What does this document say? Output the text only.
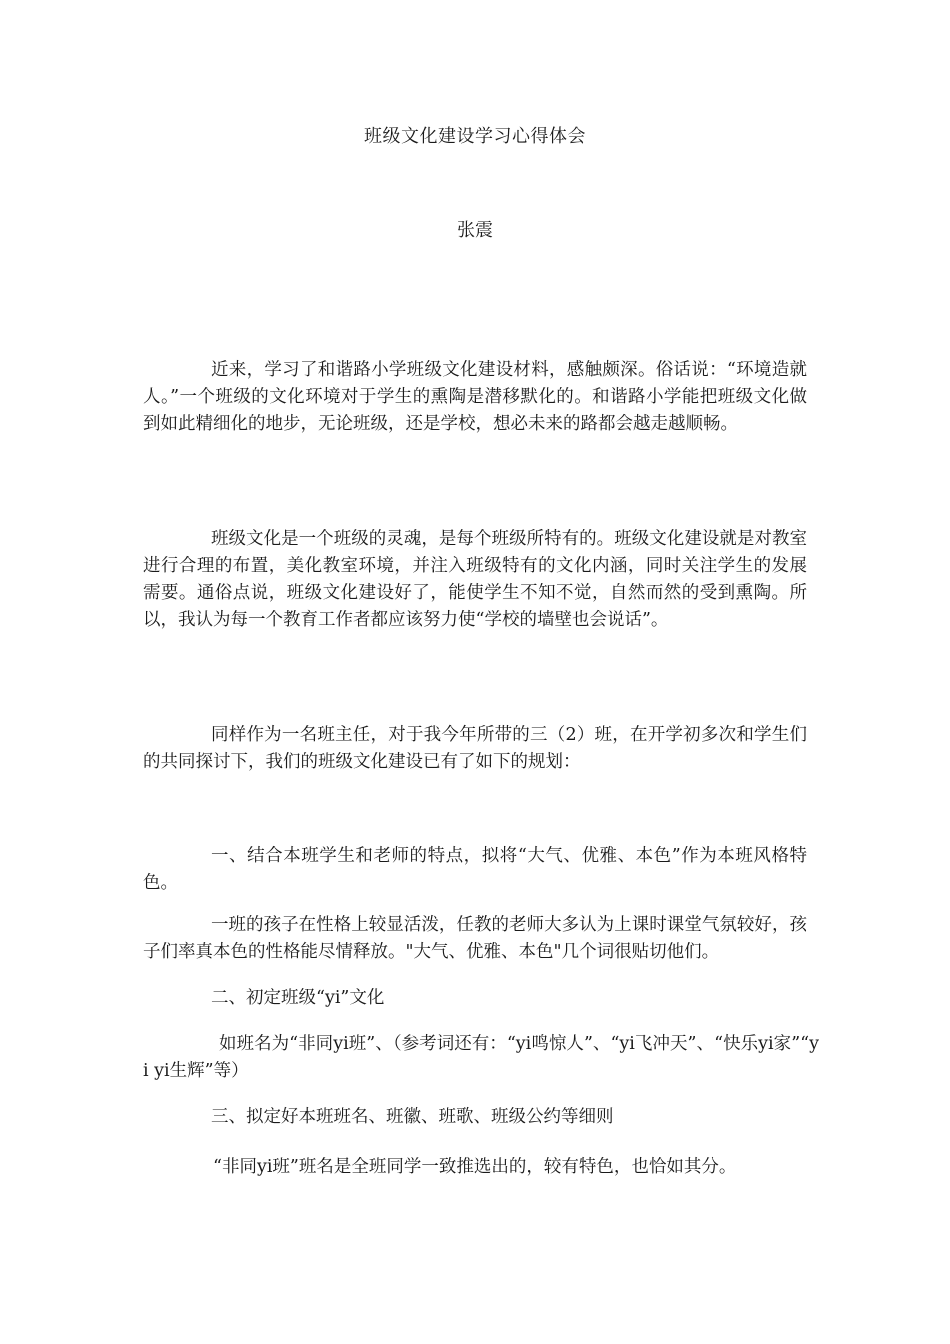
班级文化建设学习心得体会
张震

近来，学习了和谐路小学班级文化建设材料，感触颇深。俗话说：“环境造就人。”一个班级的文化环境对于学生的熏陶是潜移默化的。和谐路小学能把班级文化做到如此精细化的地步，无论班级，还是学校，想必未来的路都会越走越顺畅。

班级文化是一个班级的灵魂，是每个班级所特有的。班级文化建设就是对教室进行合理的布置，美化教室环境，并注入班级特有的文化内涵，同时关注学生的发展需要。通俗点说，班级文化建设好了，能使学生不知不觉，自然而然的受到熏陶。所以，我认为每一个教育工作者都应该努力使“学校的墙壁也会说话”。

同样作为一名班主任，对于我今年所带的三（2）班，在开学初多次和学生们的共同探讨下，我们的班级文化建设已有了如下的规划：

一、结合本班学生和老师的特点，拟将“大气、优雅、本色”作为本班风格特色。

一班的孩子在性格上较显活泼，任教的老师大多认为上课时课堂气氛较好，孩子们率真本色的性格能尽情释放。"大气、优雅、本色"几个词很贴切他们。

二、初定班级“yi”文化

如班名为“非同yi班”、（参考词还有：“yi鸣惊人”、“yi飞冲天”、“快乐yi家”“yi yi生辉”等）

三、拟定好本班班名、班徽、班歌、班级公约等细则

“非同yi班”班名是全班同学一致推选出的，较有特色，也恰如其分。
